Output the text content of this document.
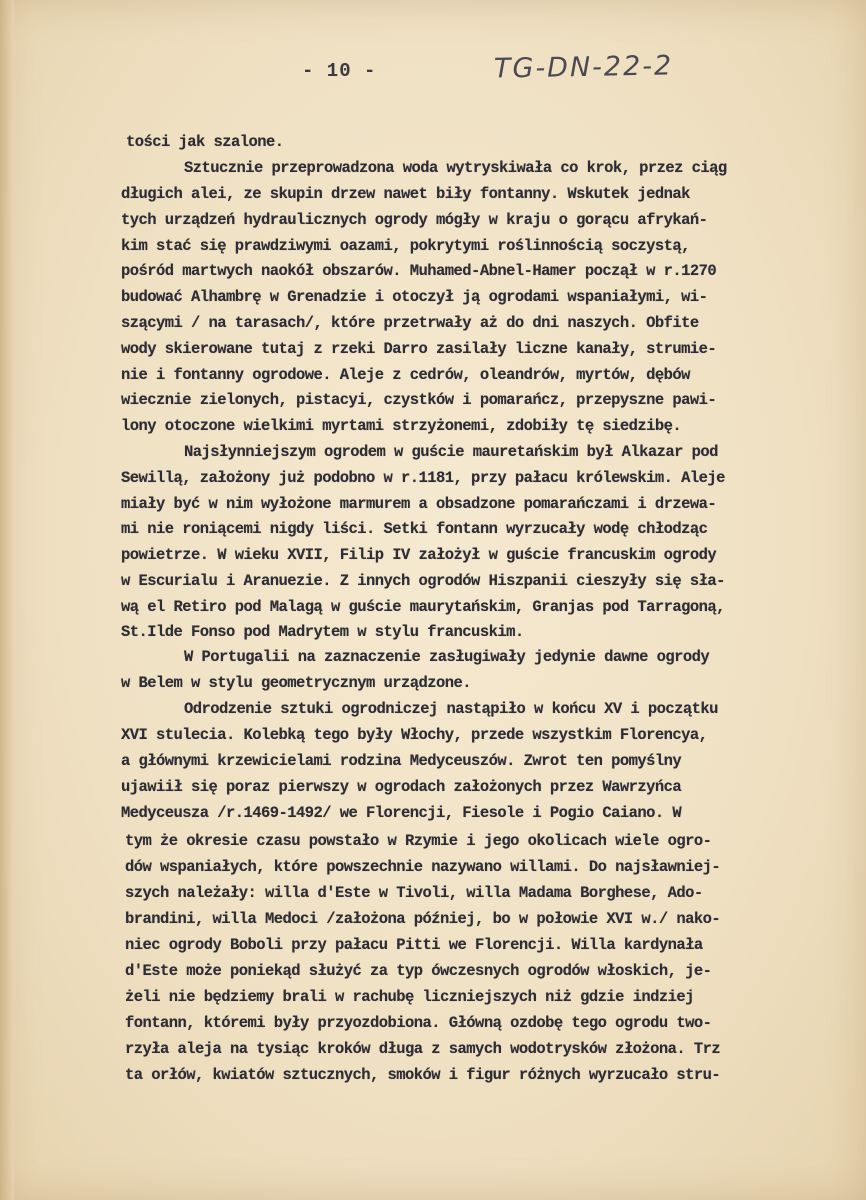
- 10 -	TG-DN-22-2
tości jak szalone.
Sztucznie przeprowadzona woda wytryskiwała co krok, przez ciąg
długich alei, ze skupin drzew nawet biły fontanny. Wskutek jednak
tych urządzeń hydraulicznych ogrody mógły w kraju o gorącu afrykań-
kim stać się prawdziwymi oazami, pokrytymi roślinnością soczystą,
pośród martwych naokół obszarów. Muhamed-Abnel-Hamer począł w r.1270
budować Alhambrę w Grenadzie i otoczył ją ogrodami wspaniałymi, wi-
szącymi / na tarasach/, które przetrwały aż do dni naszych. Obfite
wody skierowane tutaj z rzeki Darro zasilały liczne kanały, strumie-
nie i fontanny ogrodowe. Aleje z cedrów, oleandrów, myrtów, dębów
wiecznie zielonych, pistacyi, czystków i pomarańcz, przepyszne pawi-
lony otoczone wielkimi myrtami strzyżonemi, zdobiły tę siedzibę.
Najsłynniejszym ogrodem w guście mauretańskim był Alkazar pod
Sewillą, założony już podobno w r.1181, przy pałacu królewskim. Aleje
miały być w nim wyłożone marmurem a obsadzone pomarańczami i drzewa-
mi nie roniącemi nigdy liści. Setki fontann wyrzucały wodę chłodząc
powietrze. W wieku XVII, Filip IV założył w guście francuskim ogrody
w Escurialu i Aranuezie. Z innych ogrodów Hiszpanii cieszyły się sła-
wą el Retiro pod Malagą w guście maurytańskim, Granjas pod Tarragoną,
St.Ilde Fonso pod Madrytem w stylu francuskim.
W Portugalii na zaznaczenie zasługiwały jedynie dawne ogrody
w Belem w stylu geometrycznym urządzone.
Odrodzenie sztuki ogrodniczej nastąpiło w końcu XV i początku
XVI stulecia. Kolebką tego były Włochy, przede wszystkim Florencya,
a głównymi krzewicielami rodzina Medyceuszów. Zwrot ten pomyślny
ujawiił się poraz pierwszy w ogrodach założonych przez Wawrzyńca
Medyceusza /r.1469-1492/ we Florencji, Fiesole i Pogio Caiano. W
tym że okresie czasu powstało w Rzymie i jego okolicach wiele ogro-
dów wspaniałych, które powszechnie nazywano willami. Do najsławniej-
szych należały: willa d'Este w Tivoli, willa Madama Borghese, Ado-
brandini, willa Medoci /założona później, bo w połowie XVI w./ nako-
niec ogrody Boboli przy pałacu Pitti we Florencji. Willa kardynała
d'Este może poniekąd służyć za typ ówczesnych ogrodów włoskich, je-
żeli nie będziemy brali w rachubę liczniejszych niż gdzie indziej
fontann, któremi były przyozdobiona. Główną ozdobę tego ogrodu two-
rzyła aleja na tysiąc kroków długa z samych wodotrysków złożona. Trz
ta orłów, kwiatów sztucznych, smoków i figur różnych wyrzucało stru-
